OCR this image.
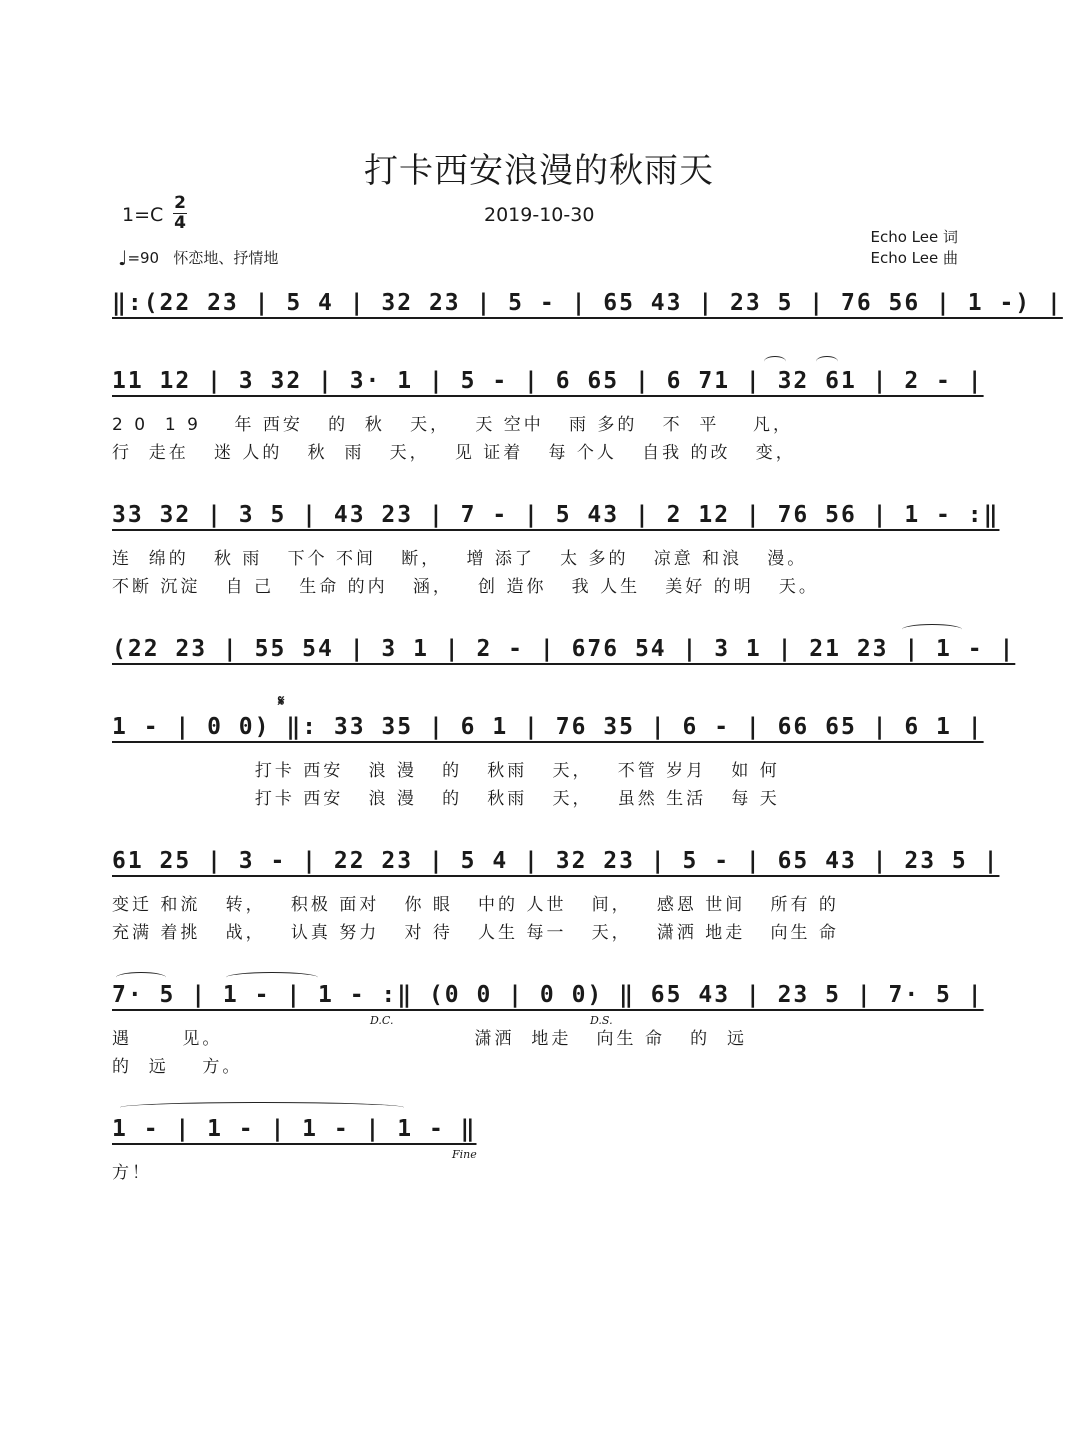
打卡西安浪漫的秋雨天
1=C
2
4	2019-10-30
♩=90 怀恋地、抒情地
Echo Lee 词
Echo Lee 曲
‖:(22 23 | 5 4 | 32 23 | 5 - | 65 43 | 23 5 | 76 56 | 1 -) |
11 12 | 3 32 | 3· 1 | 5 - | 6 65 | 6 71 | 32 61 | 2 - |
2 0  1 9    年 西安   的  秋   天，   天 空中   雨 多的   不  平    凡，
行  走在   迷 人的   秋  雨   天，   见 证着   每 个人   自我 的改   变，
33 32 | 3 5 | 43 23 | 7 - | 5 43 | 2 12 | 76 56 | 1 - :‖
连  绵的   秋 雨   下个 不间   断，   增 添了   太 多的   凉意 和浪   漫。
不断 沉淀   自 己   生命 的内   涵，   创 造你   我 人生   美好 的明   天。
(22 23 | 55 54 | 3 1 | 2 - | 676 54 | 3 1 | 21 23 | 1 - |
𝄋
1 - | 0 0) ‖: 33 35 | 6 1 | 76 35 | 6 - | 66 65 | 6 1 |
打卡 西安   浪 漫   的   秋雨   天，   不管 岁月   如 何
打卡 西安   浪 漫   的   秋雨   天，   虽然 生活   每 天
61 25 | 3 - | 22 23 | 5 4 | 32 23 | 5 - | 65 43 | 23 5 |
变迁 和流   转，   积极 面对   你 眼   中的 人世   间，   感恩 世间   所有 的
充满 着挑   战，   认真 努力   对 待   人生 每一   天，   潇洒 地走   向生 命
7· 5 | 1 - | 1 - :‖ (0 0 | 0 0) ‖ 65 43 | 23 5 | 7· 5 |
D.C.	D.S.
遇      见。                              潇洒  地走   向生 命   的  远
的  远    方。
1 - | 1 - | 1 - | 1 - ‖
Fine
方！
